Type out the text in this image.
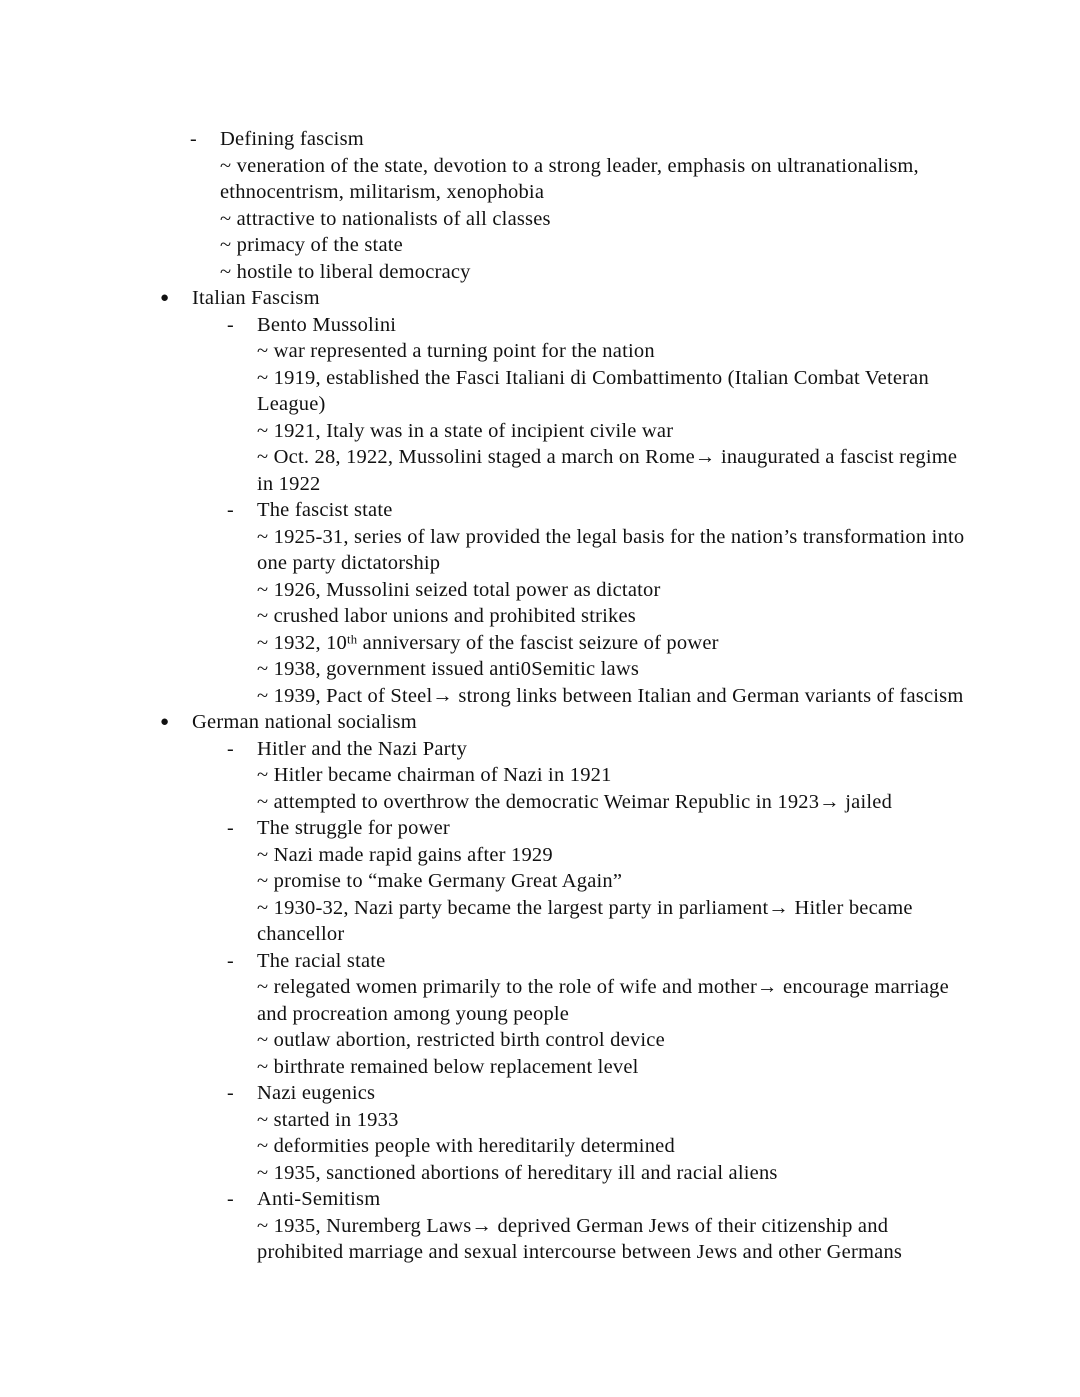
-	Defining fascism
~ veneration of the state, devotion to a strong leader, emphasis on ultranationalism, ethnocentrism, militarism, xenophobia
~ attractive to nationalists of all classes
~ primacy of the state
~ hostile to liberal democracy
●	Italian Fascism
-	Bento Mussolini
~ war represented a turning point for the nation
~ 1919, established the Fasci Italiani di Combattimento (Italian Combat Veteran League)
~ 1921, Italy was in a state of incipient civile war
~ Oct. 28, 1922, Mussolini staged a march on Rome→ inaugurated a fascist regime in 1922
-	The fascist state
~ 1925-31, series of law provided the legal basis for the nation’s transformation into one party dictatorship
~ 1926, Mussolini seized total power as dictator
~ crushed labor unions and prohibited strikes
~ 1932, 10th anniversary of the fascist seizure of power
~ 1938, government issued anti0Semitic laws
~ 1939, Pact of Steel→ strong links between Italian and German variants of fascism
●	German national socialism
-	Hitler and the Nazi Party
~ Hitler became chairman of Nazi in 1921
~ attempted to overthrow the democratic Weimar Republic in 1923→ jailed
-	The struggle for power
~ Nazi made rapid gains after 1929
~ promise to “make Germany Great Again”
~ 1930-32, Nazi party became the largest party in parliament→ Hitler became chancellor
-	The racial state
~ relegated women primarily to the role of wife and mother→ encourage marriage and procreation among young people
~ outlaw abortion, restricted birth control device
~ birthrate remained below replacement level
-	Nazi eugenics
~ started in 1933
~ deformities people with hereditarily determined
~ 1935, sanctioned abortions of hereditary ill and racial aliens
-	Anti-Semitism
~ 1935, Nuremberg Laws→ deprived German Jews of their citizenship and prohibited marriage and sexual intercourse between Jews and other Germans
